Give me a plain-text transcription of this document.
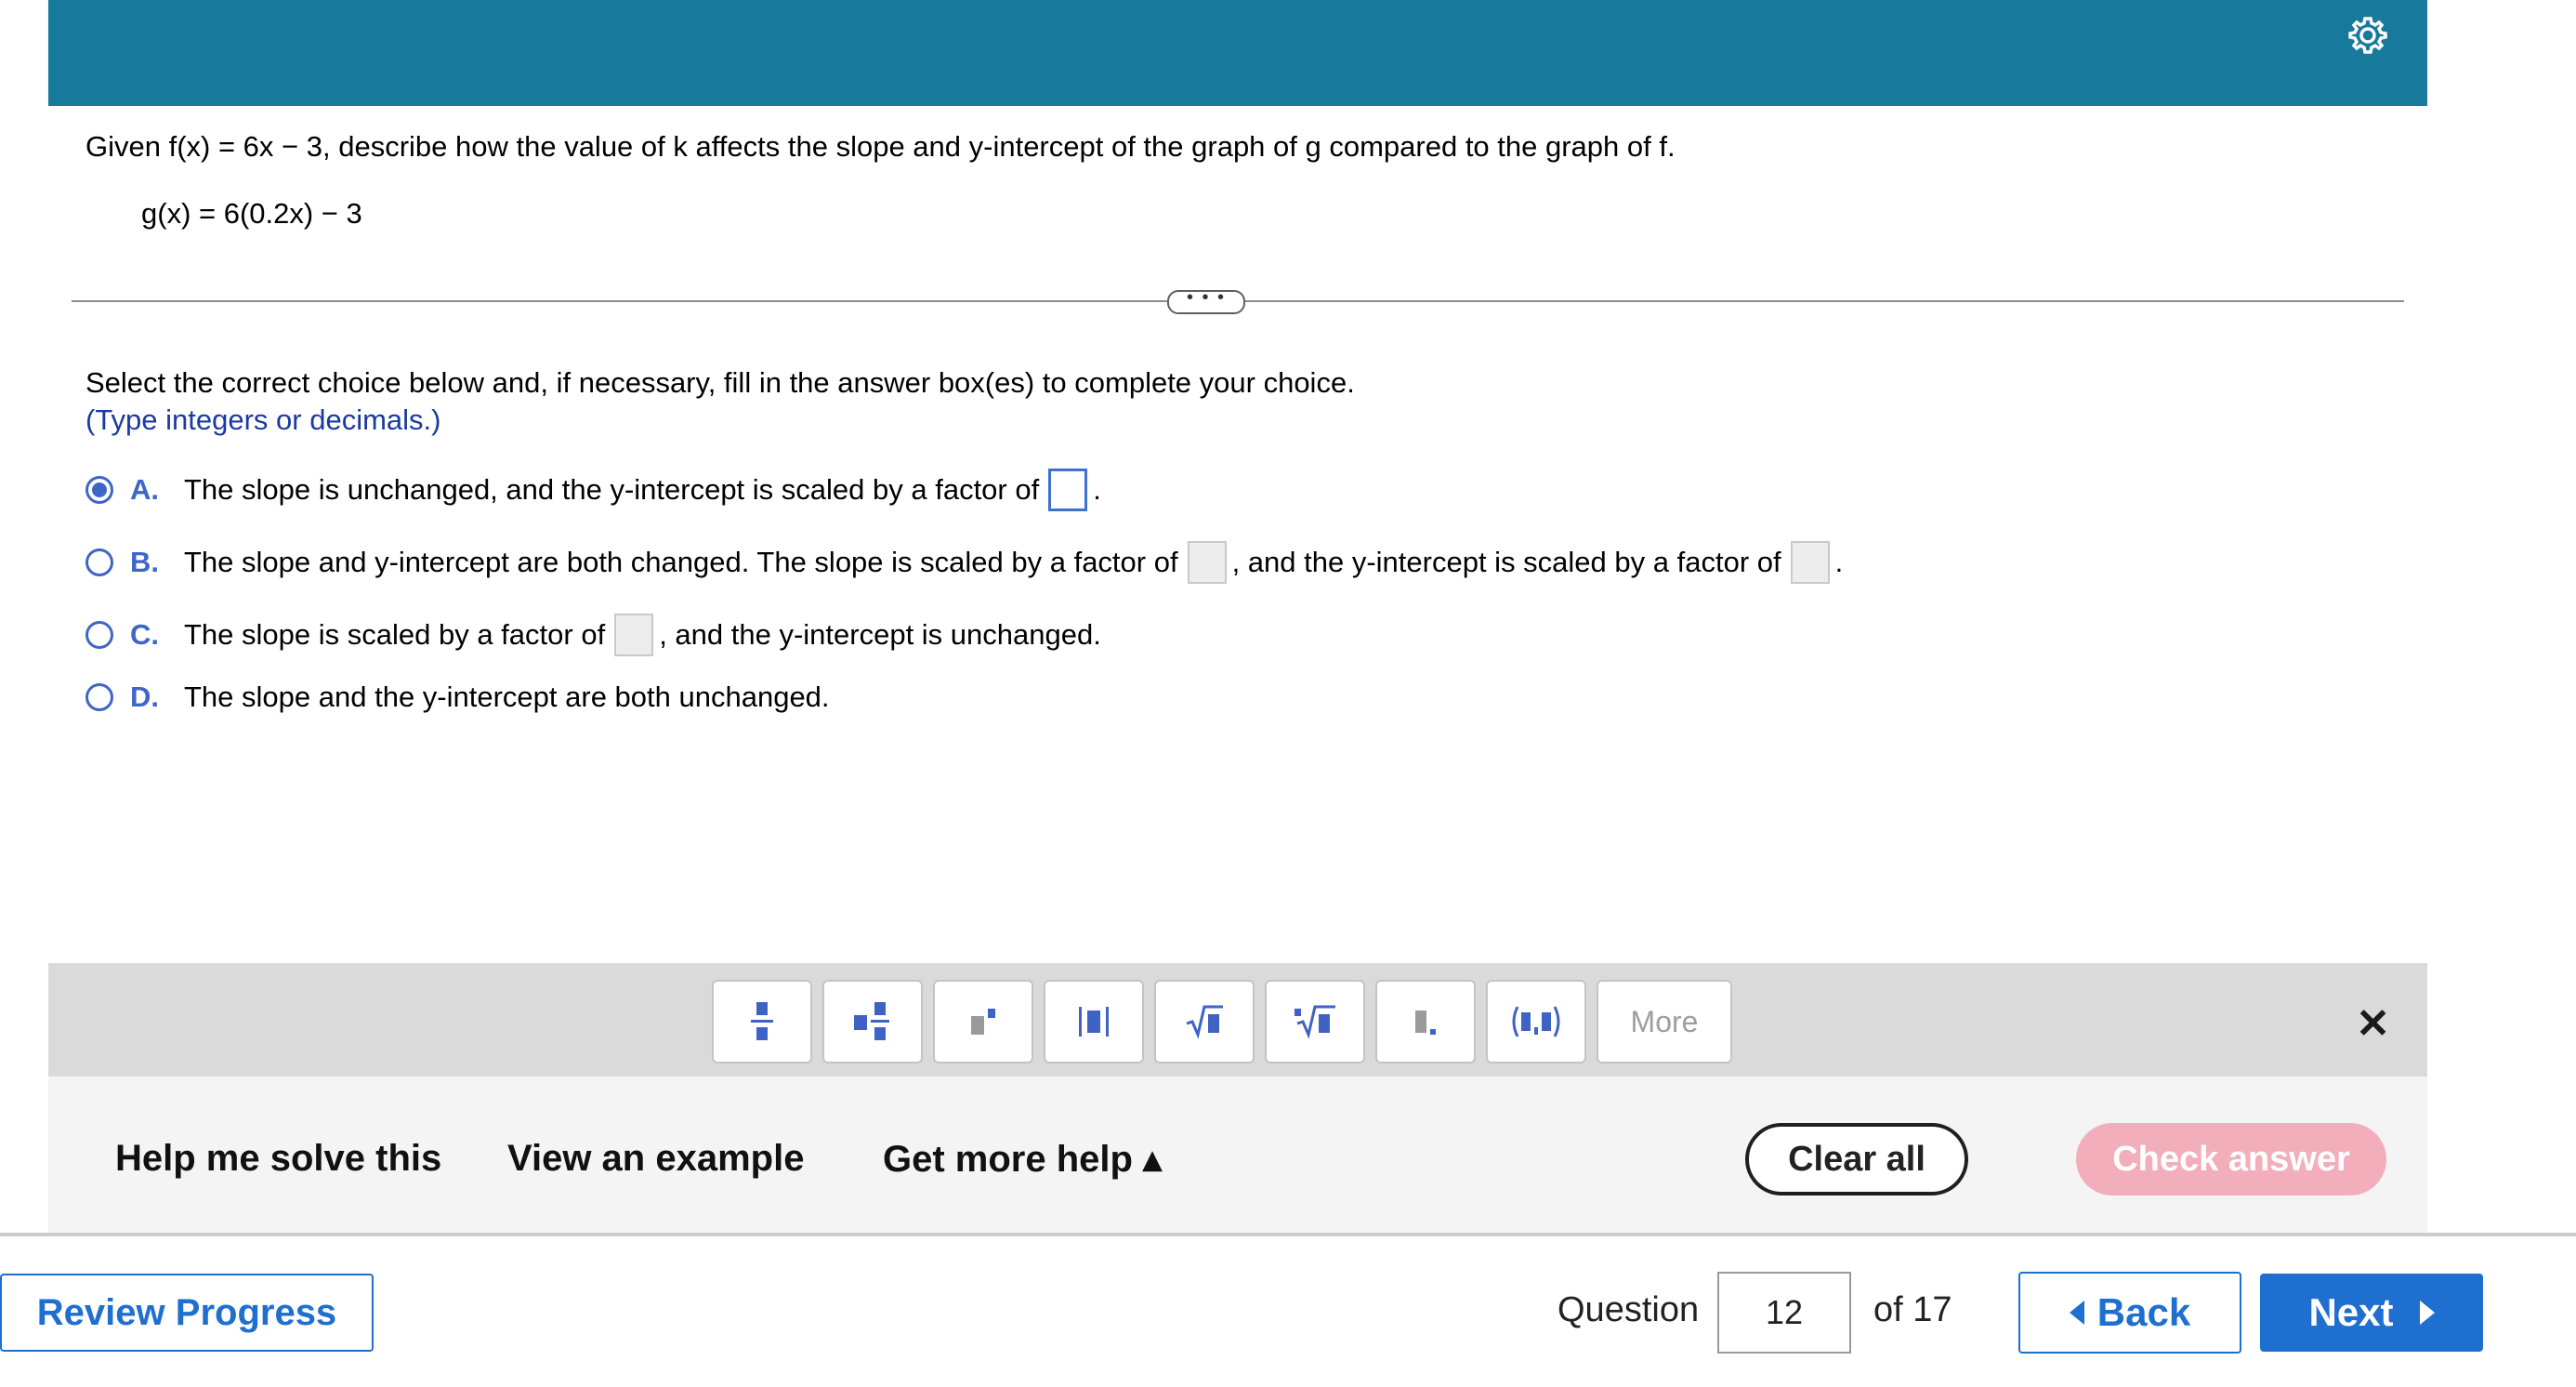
Given f(x) = 6x − 3, describe how the value of k affects the slope and y-intercept of the graph of g compared to the graph of f.
g(x) = 6(0.2x) − 3
• • •
Select the correct choice below and, if necessary, fill in the answer box(es) to complete your choice.
(Type integers or decimals.)
A. The slope is unchanged, and the y-intercept is scaled by a factor of .
B. The slope and y-intercept are both changed. The slope is scaled by a factor of , and the y-intercept is scaled by a factor of .
C. The slope is scaled by a factor of , and the y-intercept is unchanged.
D. The slope and the y-intercept are both unchanged.
More	✕
Help me solve this View an example Get more help ▴	Clear all	Check answer
Review Progress	Question	12	of 17	Back	Next
